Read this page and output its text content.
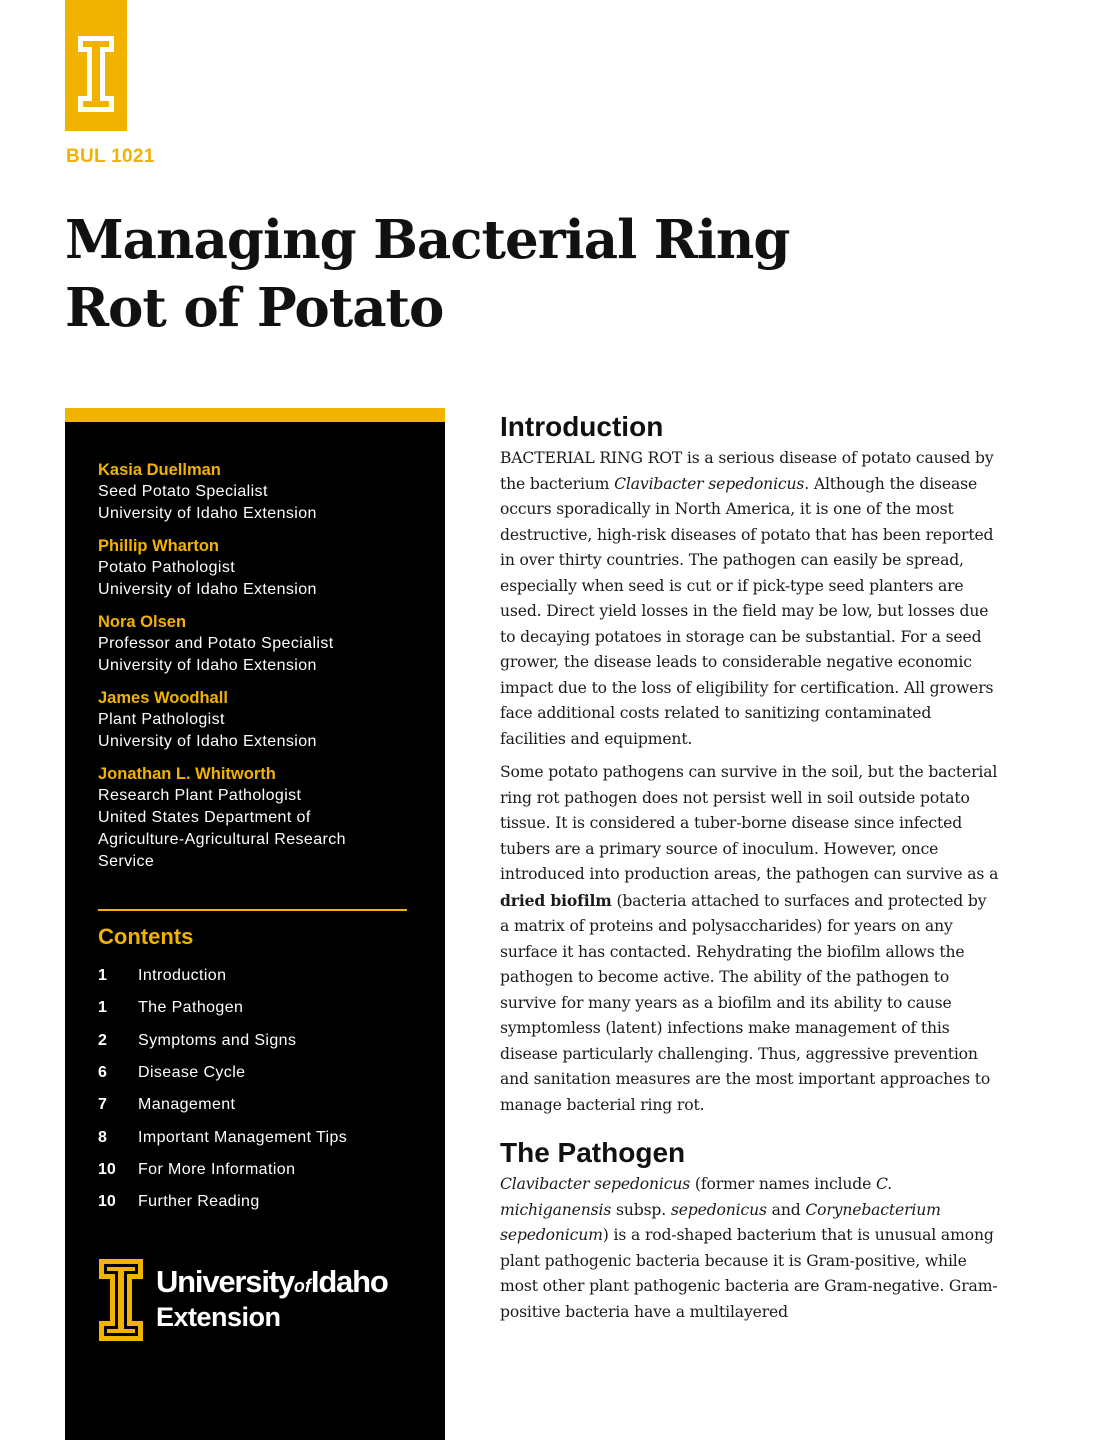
BUL 1021
Managing Bacterial Ring
Rot of Potato
Kasia Duellman
Seed Potato Specialist
University of Idaho Extension
Phillip Wharton
Potato Pathologist
University of Idaho Extension
Nora Olsen
Professor and Potato Specialist
University of Idaho Extension
James Woodhall
Plant Pathologist
University of Idaho Extension
Jonathan L. Whitworth
Research Plant Pathologist
United States Department of
Agriculture-Agricultural Research
Service
Contents
1	Introduction
1	The Pathogen
2	Symptoms and Signs
6	Disease Cycle
7	Management
8	Important Management Tips
10	For More Information
10	Further Reading
UniversityofIdaho
Extension
Introduction

BACTERIAL RING ROT is a serious disease of potato caused by the bacterium Clavibacter sepedonicus. Although the disease occurs sporadically in North America, it is one of the most destructive, high-risk diseases of potato that has been reported in over thirty countries. The pathogen can easily be spread, especially when seed is cut or if pick-type seed planters are used. Direct yield losses in the field may be low, but losses due to decaying potatoes in storage can be substantial. For a seed grower, the disease leads to considerable negative economic impact due to the loss of eligibility for certification. All growers face additional costs related to sanitizing contaminated facilities and equipment.

Some potato pathogens can survive in the soil, but the bacterial ring rot pathogen does not persist well in soil outside potato tissue. It is considered a tuber-borne disease since infected tubers are a primary source of inoculum. However, once introduced into production areas, the pathogen can survive as a dried biofilm (bacteria attached to surfaces and protected by a matrix of proteins and polysaccharides) for years on any surface it has contacted. Rehydrating the biofilm allows the pathogen to become active. The ability of the pathogen to survive for many years as a biofilm and its ability to cause symptomless (latent) infections make management of this disease particularly challenging. Thus, aggressive prevention and sanitation measures are the most important approaches to manage bacterial ring rot.

The Pathogen

Clavibacter sepedonicus (former names include C. michiganensis subsp. sepedonicus and Corynebacterium sepedonicum) is a rod-shaped bacterium that is unusual among plant pathogenic bacteria because it is Gram-positive, while most other plant pathogenic bacteria are Gram-negative. Gram-positive bacteria have a multilayered
